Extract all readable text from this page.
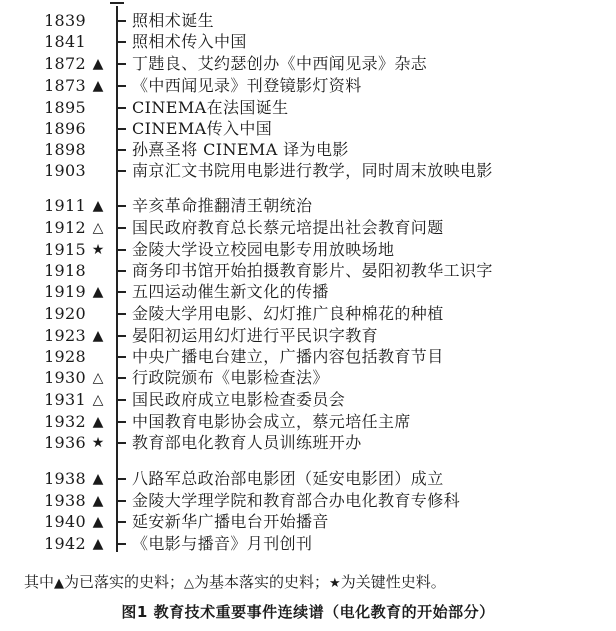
1839	照相术诞生
1841	照相术传入中国
1872 ▲ 丁韪良、艾约瑟创办《中西闻见录》杂志
1873 ▲ 《中西闻见录》刊登镜影灯资料
1895	CINEMA在法国诞生
1896	CINEMA传入中国
1898	孙熹圣将 CINEMA 译为电影
1903	南京汇文书院用电影进行教学，同时周末放映电影
1911 ▲ 辛亥革命推翻清王朝统治
1912 △ 国民政府教育总长蔡元培提出社会教育问题
1915 ★ 金陵大学设立校园电影专用放映场地
1918	商务印书馆开始拍摄教育影片、晏阳初教华工识字
1919 ▲ 五四运动催生新文化的传播
1920	金陵大学用电影、幻灯推广良种棉花的种植
1923 ▲ 晏阳初运用幻灯进行平民识字教育
1928	中央广播电台建立，广播内容包括教育节目
1930 △ 行政院颁布《电影检查法》
1931 △ 国民政府成立电影检查委员会
1932 ▲ 中国教育电影协会成立，蔡元培任主席
1936 ★ 教育部电化教育人员训练班开办
1938 ▲ 八路军总政治部电影团（延安电影团）成立
1938 ▲ 金陵大学理学院和教育部合办电化教育专修科
1940 ▲ 延安新华广播电台开始播音
1942 ▲ 《电影与播音》月刊创刊
其中▲为已落实的史料；△为基本落实的史料；★为关键性史料。
图1 教育技术重要事件连续谱（电化教育的开始部分）
